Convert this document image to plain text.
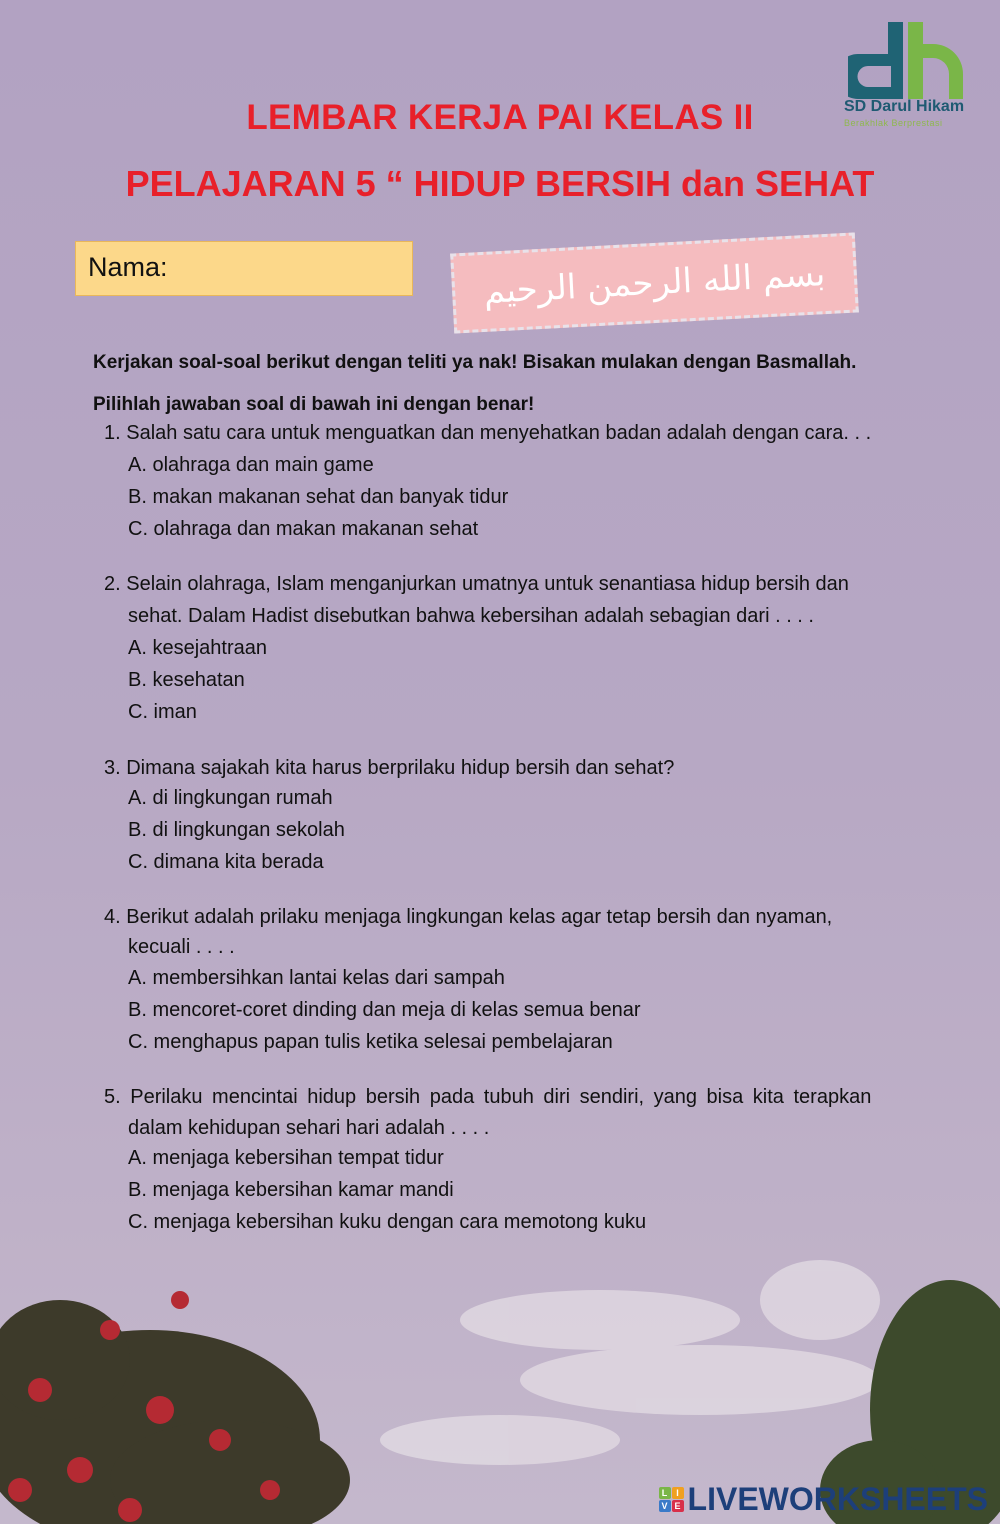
SD Darul Hikam
Berakhlak Berprestasi
LEMBAR KERJA PAI KELAS II
PELAJARAN 5 “ HIDUP BERSIH dan SEHAT
Nama:	بسم الله الرحمن الرحيم
Kerjakan soal-soal berikut dengan teliti ya nak! Bisakan mulakan dengan Basmallah.
Pilihlah jawaban soal di bawah ini dengan benar!
1. Salah satu cara untuk menguatkan dan menyehatkan badan adalah dengan cara. . .
A. olahraga dan main game
B. makan makanan sehat dan banyak tidur
C. olahraga dan makan makanan sehat
2. Selain olahraga, Islam menganjurkan umatnya untuk senantiasa hidup bersih dan
sehat. Dalam Hadist disebutkan bahwa kebersihan adalah sebagian dari . . . .
A. kesejahtraan
B. kesehatan
C. iman
3. Dimana sajakah kita harus berprilaku hidup bersih dan sehat?
A. di lingkungan rumah
B. di lingkungan sekolah
C. dimana kita berada
4. Berikut adalah prilaku menjaga lingkungan kelas agar tetap bersih dan nyaman,
kecuali . . . .
A. membersihkan lantai kelas dari sampah
B. mencoret-coret dinding dan meja di kelas semua benar
C. menghapus papan tulis ketika selesai pembelajaran
5. Perilaku mencintai hidup bersih pada tubuh diri sendiri, yang bisa kita terapkan
dalam kehidupan sehari hari adalah . . . .
A. menjaga kebersihan tempat tidur
B. menjaga kebersihan kamar mandi
C. menjaga kebersihan kuku dengan cara memotong kuku
L I
V E LIVEWORKSHEETS
